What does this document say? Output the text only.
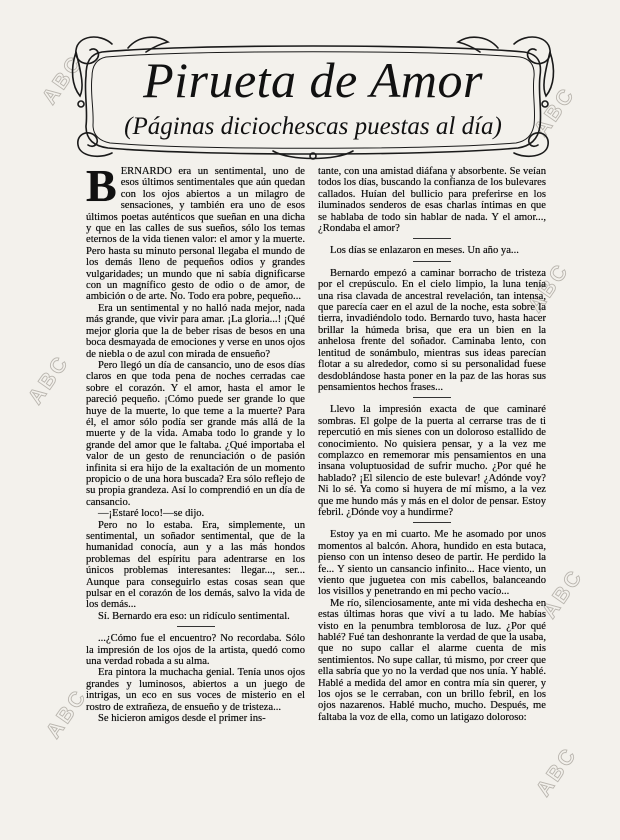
ABC
ABC
ABC
ABC
ABC
ABC
ABC
Pirueta de Amor
(Páginas diciochescas puestas al día)

BERNARDO era un sentimental, uno de esos últimos sentimentales que aún quedan con los ojos abiertos a un milagro de sensaciones, y también era uno de esos últimos poetas auténticos que sueñan en una dicha y que en las calles de sus sueños, sólo los temas eternos de la vida tienen valor: el amor y la muerte. Pero hasta su minuto personal llegaba el mundo de los demás lleno de pequeños odios y grandes vulgaridades; un mundo que ni sabía dignificarse con un magnífico gesto de odio o de amor, de ambición o de arte. No. Todo era pobre, pequeño...

Era un sentimental y no halló nada mejor, nada más grande, que vivir para amar. ¡La gloria...! ¡Qué mejor gloria que la de beber risas de besos en una boca desmayada de emociones y verse en unos ojos de niebla o de azul con mirada de ensueño?

Pero llegó un día de cansancio, uno de esos días claros en que toda pena de noches cerradas cae sobre el corazón. Y el amor, hasta el amor le pareció pequeño. ¡Cómo puede ser grande lo que huye de la muerte, lo que teme a la muerte? Para él, el amor sólo podía ser grande más allá de la muerte y de la vida. Amaba todo lo grande y lo grande del amor que le faltaba. ¿Qué importaba el valor de un gesto de renunciación o de pasión infinita si era hijo de la exaltación de un momento propicio o de una hora buscada? Era sólo reflejo de su propia grandeza. Así lo comprendió en un día de cansancio.

—¡Estaré loco!—se dijo.

Pero no lo estaba. Era, simplemente, un sentimental, un soñador sentimental, que de la humanidad conocía, aun y a las más hondos problemas del espíritu para adentrarse en los únicos problemas interesantes: llegar..., ser... Aunque para conseguirlo estas cosas sean que pulsar en el corazón de los demás, salvo la vida de los demás...

Sí. Bernardo era eso: un ridículo sentimental.

...¿Cómo fue el encuentro? No recordaba. Sólo la impresión de los ojos de la artista, quedó como una verdad robada a su alma.

Era pintora la muchacha genial. Tenía unos ojos grandes y luminosos, abiertos a un juego de intrigas, un eco en sus voces de misterio en el rostro de extrañeza, de ensueño y de tristeza...

Se hicieron amigos desde el primer ins-

tante, con una amistad diáfana y absorbente. Se veían todos los días, buscando la confianza de los bulevares callados. Huían del bullicio para preferirse en los iluminados senderos de esas charlas íntimas en que se hablaba de todo sin hablar de nada. Y el amor..., ¿Rondaba el amor?

Los días se enlazaron en meses. Un año ya...

Bernardo empezó a caminar borracho de tristeza por el crepúsculo. En el cielo limpio, la luna tenía una risa clavada de ancestral revelación, tan intensa, que parecía caer en el azul de la noche, esta sobre la tierra, invadiéndolo todo. Bernardo tuvo, hasta hacer brillar la húmeda brisa, que era un bien en la anhelosa frente del soñador. Caminaba lento, con lentitud de sonámbulo, mientras sus ideas parecían flotar a su alrededor, como si su personalidad fuese desdoblándose hasta poner en la paz de las horas sus pensamientos hechos frases...

Llevo la impresión exacta de que caminaré sombras. El golpe de la puerta al cerrarse tras de ti repercutió en mis sienes con un doloroso estallido de conocimiento. No quisiera pensar, y a la vez me complazco en rememorar mis pensamientos en una insana voluptuosidad de sufrir mucho. ¿Por qué he hablado? ¡El silencio de este bulevar! ¿Adónde voy? Ni lo sé. Ya como si huyera de mí mismo, a la vez que me hundo más y más en el dolor de pensar. Estoy febril. ¿Dónde voy a hundirme?

Estoy ya en mi cuarto. Me he asomado por unos momentos al balcón. Ahora, hundido en esta butaca, pienso con un intenso deseo de partir. He perdido la fe... Y siento un cansancio infinito... Hace viento, un viento que juguetea con mis cabellos, balanceando los visillos y penetrando en mi pecho vacío...

Me río, silenciosamente, ante mi vida deshecha en estas últimas horas que viví a tu lado. Me habías visto en la penumbra temblorosa de luz. ¿Por qué hablé? Fué tan deshonrante la verdad de que la usaba, que no supo callar el alarme cuenta de mis sentimientos. No supe callar, tú mismo, por creer que ella sabría que yo no la verdad que nos unía. Y hablé. Hablé a medida del amor en contra mía sin querer, y los ojos se le cerraban, con un brillo febril, en los ojos nazarenos. Hablé mucho, mucho. Después, me faltaba la voz de ella, como un latigazo doloroso:
